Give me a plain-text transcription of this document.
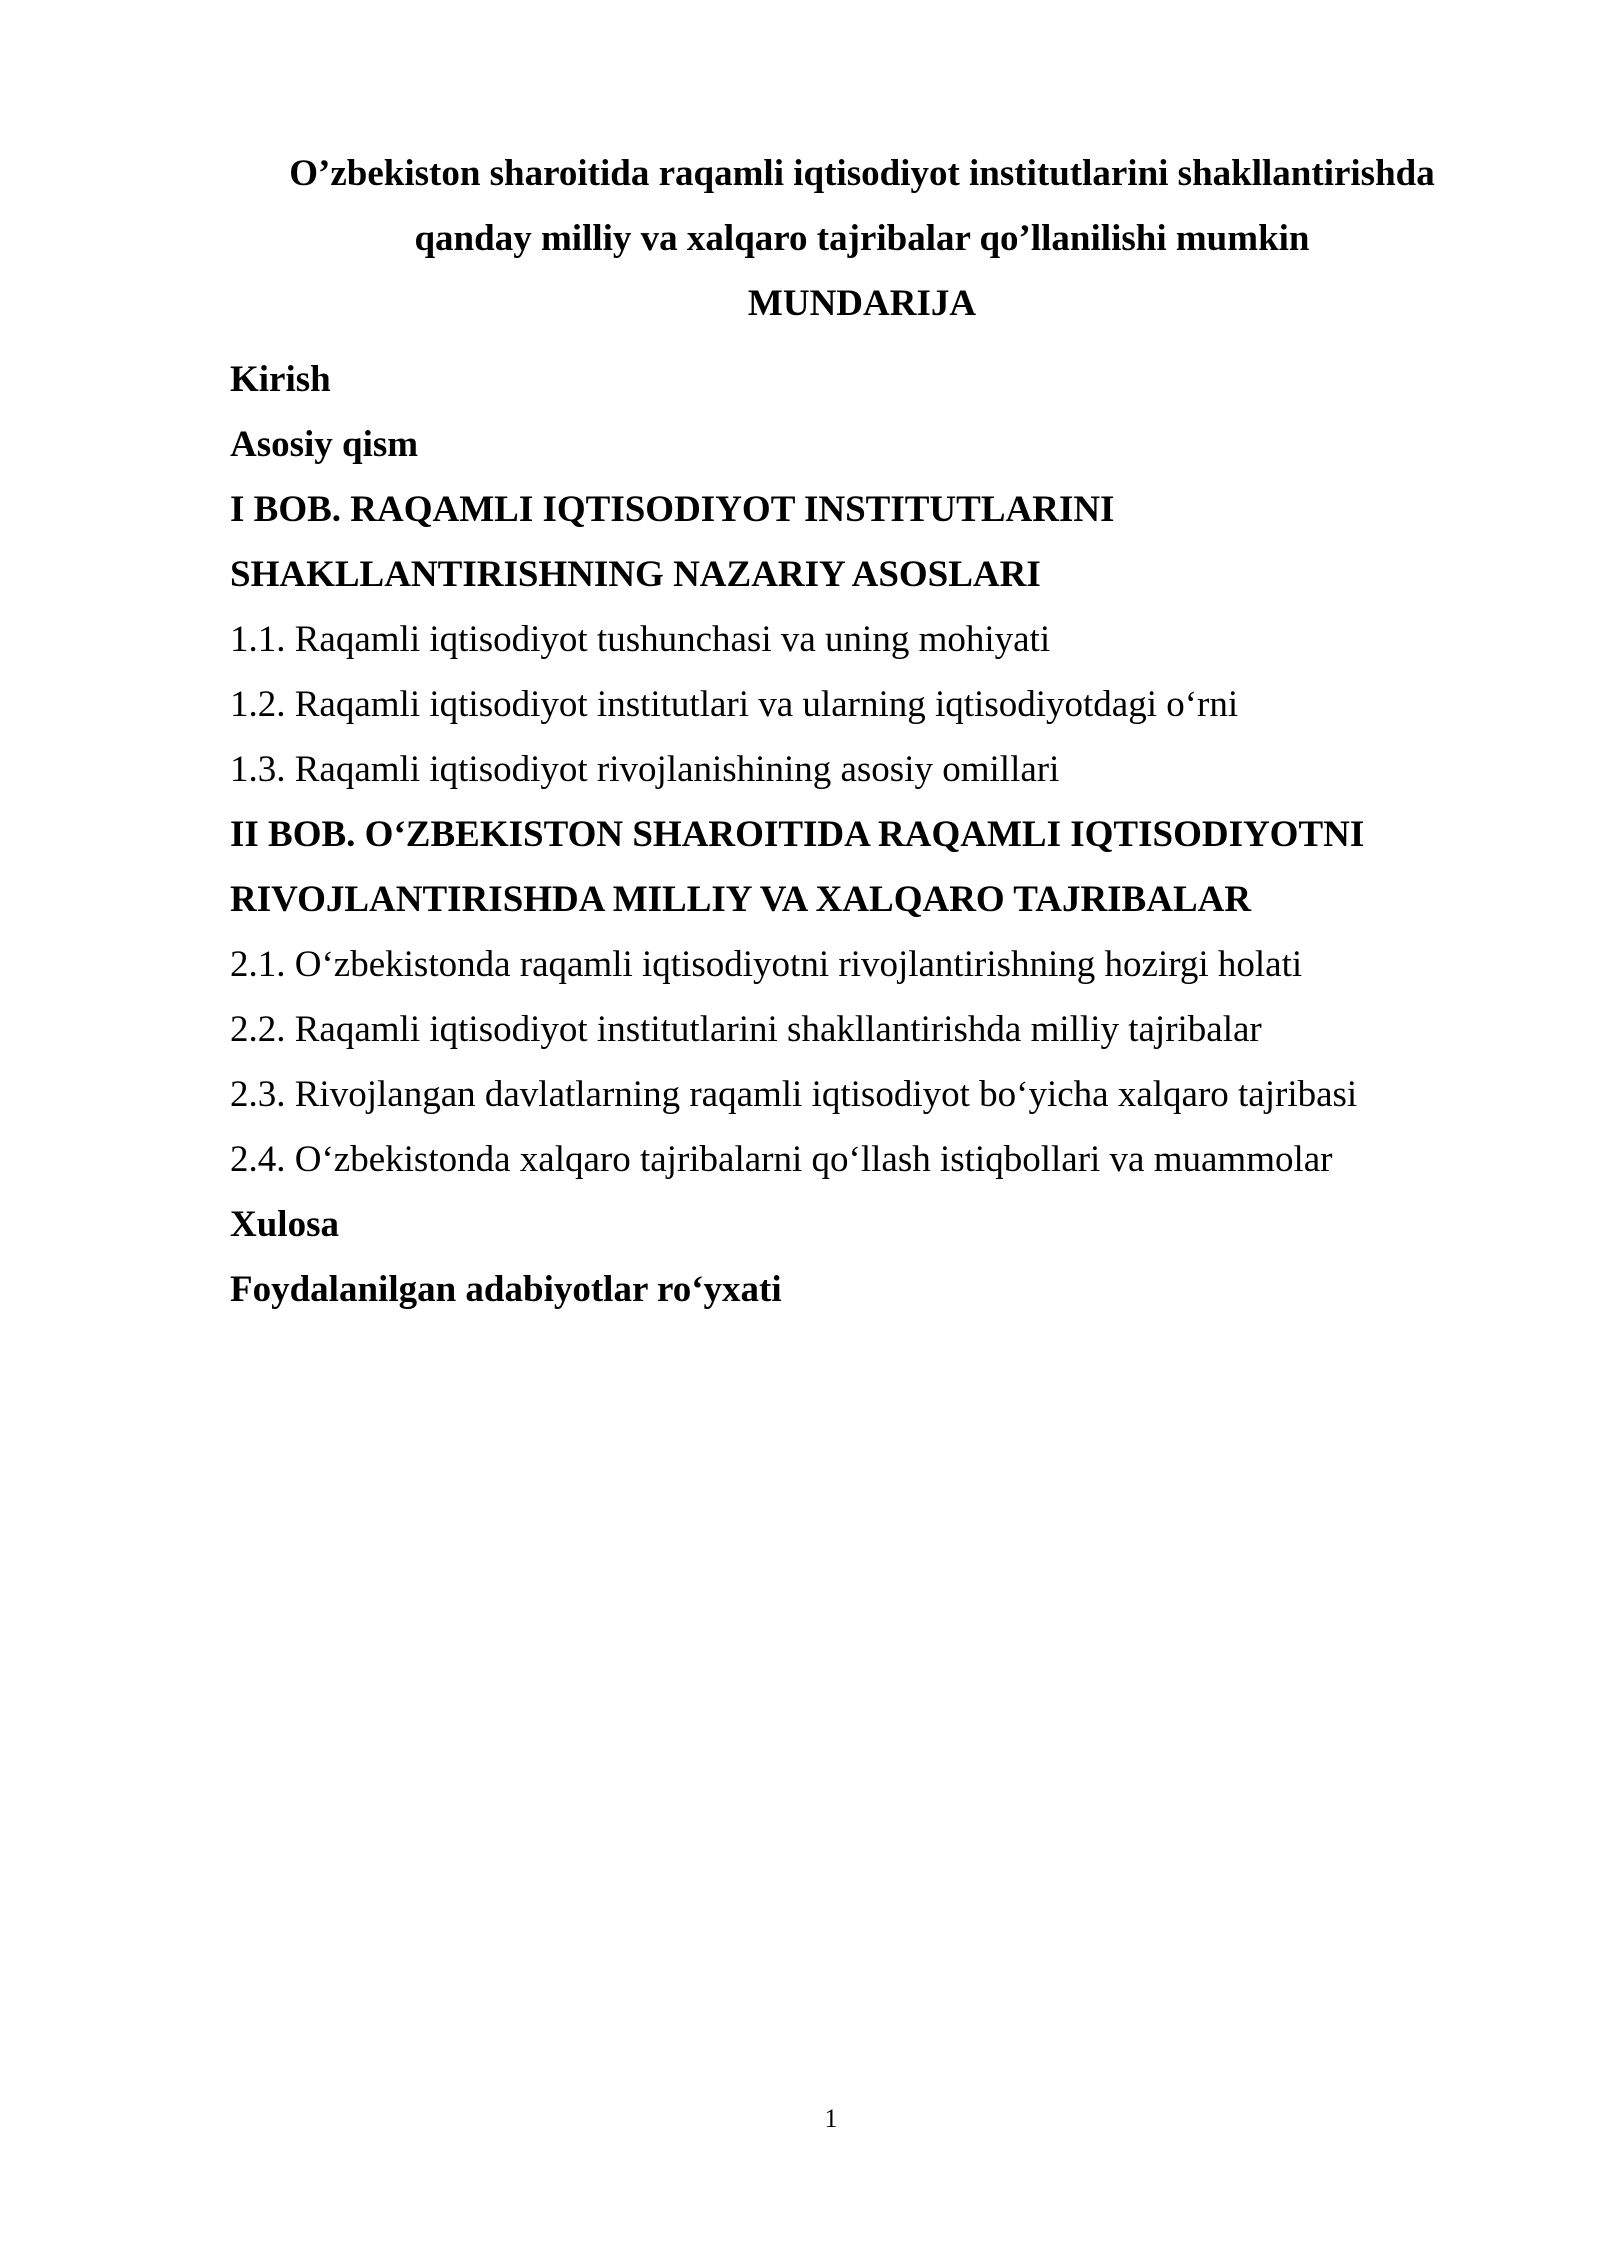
O’zbekiston sharoitida raqamli iqtisodiyot institutlarini shakllantirishda
qanday milliy va xalqaro tajribalar qo’llanilishi mumkin
MUNDARIJA
Kirish
Asosiy qism
I BOB. RAQAMLI IQTISODIYOT INSTITUTLARINI
SHAKLLANTIRISHNING NAZARIY ASOSLARI
1.1. Raqamli iqtisodiyot tushunchasi va uning mohiyati
1.2. Raqamli iqtisodiyot institutlari va ularning iqtisodiyotdagi o‘rni
1.3. Raqamli iqtisodiyot rivojlanishining asosiy omillari
II BOB. O‘ZBEKISTON SHAROITIDA RAQAMLI IQTISODIYOTNI
RIVOJLANTIRISHDA MILLIY VA XALQARO TAJRIBALAR
2.1. O‘zbekistonda raqamli iqtisodiyotni rivojlantirishning hozirgi holati
2.2. Raqamli iqtisodiyot institutlarini shakllantirishda milliy tajribalar
2.3. Rivojlangan davlatlarning raqamli iqtisodiyot bo‘yicha xalqaro tajribasi
2.4. O‘zbekistonda xalqaro tajribalarni qo‘llash istiqbollari va muammolar
Xulosa
Foydalanilgan adabiyotlar ro‘yxati
1
